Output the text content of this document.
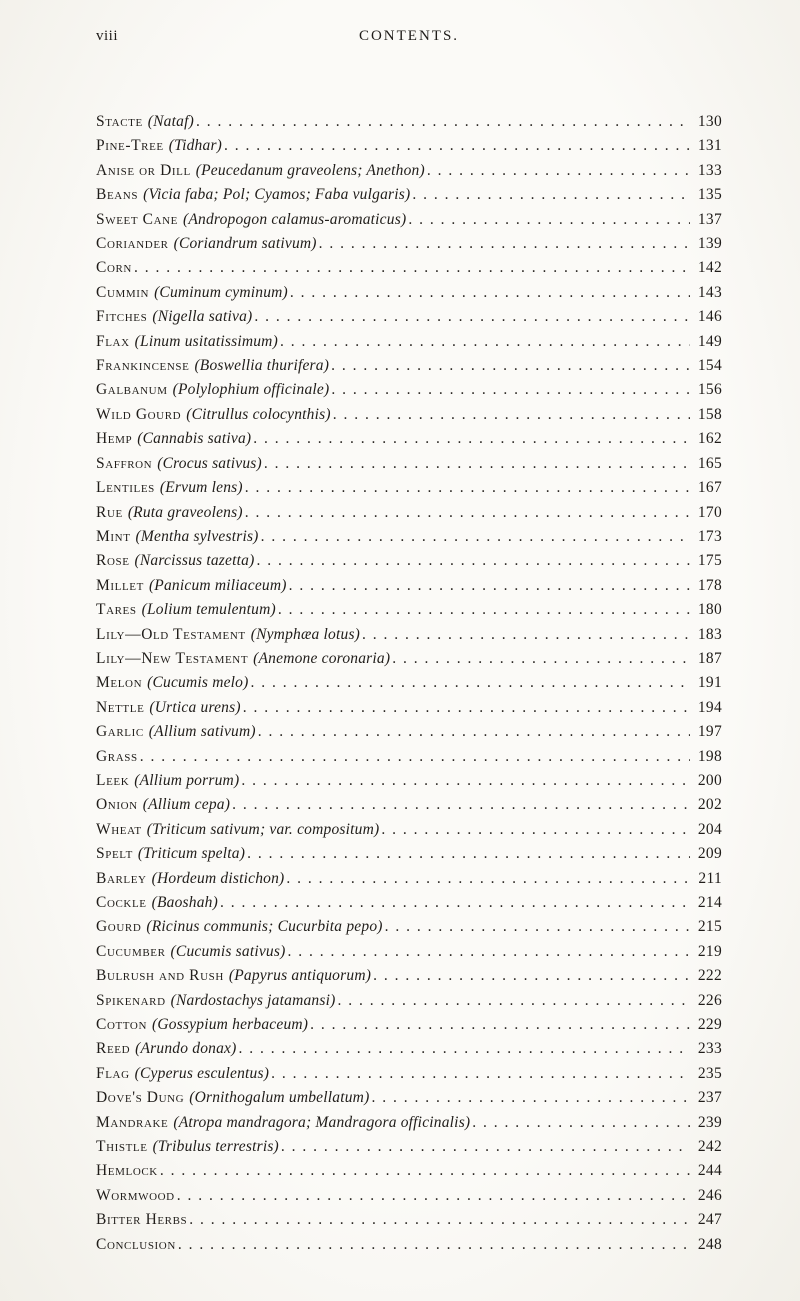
viii	CONTENTS.
Stacte (Nataf) . . .	130
Pine-Tree (Tidhar) . . .	131
Anise or Dill (Peucedanum graveolens; Anethon) . . .	133
Beans (Vicia faba; Pol; Cyamos; Faba vulgaris) . . .	135
Sweet Cane (Andropogon calamus-aromaticus) . . .	137
Coriander (Coriandrum sativum) . . .	139
Corn . . .	142
Cummin (Cuminum cyminum) . . .	143
Fitches (Nigella sativa) . . .	146
Flax (Linum usitatissimum) . . .	149
Frankincense (Boswellia thurifera) . . .	154
Galbanum (Polylophium officinale) . . .	156
Wild Gourd (Citrullus colocynthis) . . .	158
Hemp (Cannabis sativa) . . .	162
Saffron (Crocus sativus) . . .	165
Lentiles (Ervum lens) . . .	167
Rue (Ruta graveolens) . . .	170
Mint (Mentha sylvestris) . . .	173
Rose (Narcissus tazetta) . . .	175
Millet (Panicum miliaceum) . . .	178
Tares (Lolium temulentum) . . .	180
Lily—Old Testament (Nymphæa lotus) . . .	183
Lily—New Testament (Anemone coronaria) . . .	187
Melon (Cucumis melo) . . .	191
Nettle (Urtica urens) . . .	194
Garlic (Allium sativum) . . .	197
Grass . . .	198
Leek (Allium porrum) . . .	200
Onion (Allium cepa) . . .	202
Wheat (Triticum sativum; var. compositum) . . .	204
Spelt (Triticum spelta) . . .	209
Barley (Hordeum distichon) . . .	211
Cockle (Baoshah) . . .	214
Gourd (Ricinus communis; Cucurbita pepo) . . .	215
Cucumber (Cucumis sativus) . . .	219
Bulrush and Rush (Papyrus antiquorum) . . .	222
Spikenard (Nardostachys jatamansi) . . .	226
Cotton (Gossypium herbaceum) . . .	229
Reed (Arundo donax) . . .	233
Flag (Cyperus esculentus) . . .	235
Dove's Dung (Ornithogalum umbellatum) . . .	237
Mandrake (Atropa mandragora; Mandragora officinalis) . . .	239
Thistle (Tribulus terrestris) . . .	242
Hemlock . . .	244
Wormwood . . .	246
Bitter Herbs . . .	247
Conclusion . . .	248
